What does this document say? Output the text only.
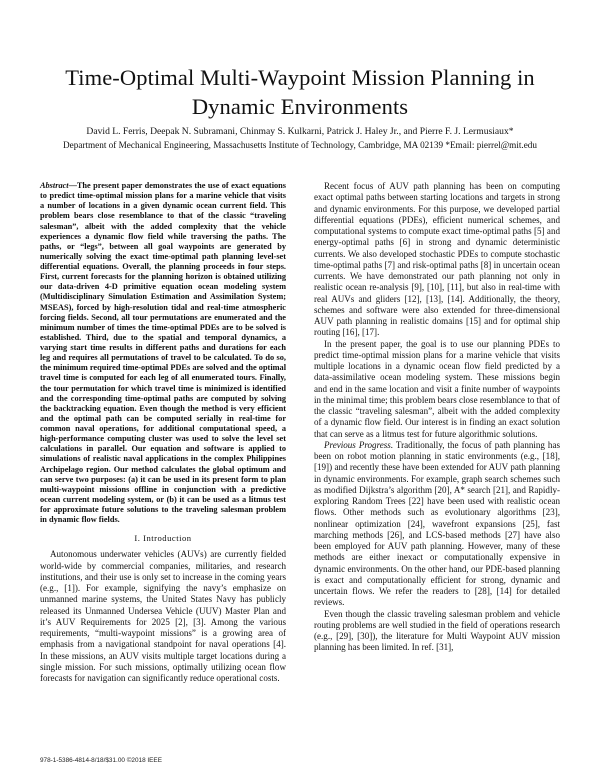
Time-Optimal Multi-Waypoint Mission Planning in Dynamic Environments
David L. Ferris, Deepak N. Subramani, Chinmay S. Kulkarni, Patrick J. Haley Jr., and Pierre F. J. Lermusiaux*
Department of Mechanical Engineering, Massachusetts Institute of Technology, Cambridge, MA 02139 *Email: pierrel@mit.edu

Abstract—The present paper demonstrates the use of exact equations to predict time-optimal mission plans for a marine vehicle that visits a number of locations in a given dynamic ocean current field. This problem bears close resemblance to that of the classic “traveling salesman”, albeit with the added complexity that the vehicle experiences a dynamic flow field while traversing the paths. The paths, or “legs”, between all goal waypoints are generated by numerically solving the exact time-optimal path planning level-set differential equations. Overall, the planning proceeds in four steps. First, current forecasts for the planning horizon is obtained utilizing our data-driven 4-D primitive equation ocean modeling system (Multidisciplinary Simulation Estimation and Assimilation System; MSEAS), forced by high-resolution tidal and real-time atmospheric forcing fields. Second, all tour permutations are enumerated and the minimum number of times the time-optimal PDEs are to be solved is established. Third, due to the spatial and temporal dynamics, a varying start time results in different paths and durations for each leg and requires all permutations of travel to be calculated. To do so, the minimum required time-optimal PDEs are solved and the optimal travel time is computed for each leg of all enumerated tours. Finally, the tour permutation for which travel time is minimized is identified and the corresponding time-optimal paths are computed by solving the backtracking equation. Even though the method is very efficient and the optimal path can be computed serially in real-time for common naval operations, for additional computational speed, a high-performance computing cluster was used to solve the level set calculations in parallel. Our equation and software is applied to simulations of realistic naval applications in the complex Philippines Archipelago region. Our method calculates the global optimum and can serve two purposes: (a) it can be used in its present form to plan multi-waypoint missions offline in conjunction with a predictive ocean current modeling system, or (b) it can be used as a litmus test for approximate future solutions to the traveling salesman problem in dynamic flow fields.

I. Introduction

Autonomous underwater vehicles (AUVs) are currently fielded world-wide by commercial companies, militaries, and research institutions, and their use is only set to increase in the coming years (e.g., [1]). For example, signifying the navy’s emphasize on unmanned marine systems, the United States Navy has publicly released its Unmanned Undersea Vehicle (UUV) Master Plan and it’s AUV Requirements for 2025 [2], [3]. Among the various requirements, “multi-waypoint missions” is a growing area of emphasis from a navigational standpoint for naval operations [4]. In these missions, an AUV visits multiple target locations during a single mission. For such missions, optimally utilizing ocean flow forecasts for navigation can significantly reduce operational costs.

Recent focus of AUV path planning has been on computing exact optimal paths between starting locations and targets in strong and dynamic environments. For this purpose, we developed partial differential equations (PDEs), efficient numerical schemes, and computational systems to compute exact time-optimal paths [5] and energy-optimal paths [6] in strong and dynamic deterministic currents. We also developed stochastic PDEs to compute stochastic time-optimal paths [7] and risk-optimal paths [8] in uncertain ocean currents. We have demonstrated our path planning not only in realistic ocean re-analysis [9], [10], [11], but also in real-time with real AUVs and gliders [12], [13], [14]. Additionally, the theory, schemes and software were also extended for three-dimensional AUV path planning in realistic domains [15] and for optimal ship routing [16], [17].

In the present paper, the goal is to use our planning PDEs to predict time-optimal mission plans for a marine vehicle that visits multiple locations in a dynamic ocean flow field predicted by a data-assimilative ocean modeling system. These missions begin and end in the same location and visit a finite number of waypoints in the minimal time; this problem bears close resemblance to that of the classic “traveling salesman”, albeit with the added complexity of a dynamic flow field. Our interest is in finding an exact solution that can serve as a litmus test for future algorithmic solutions.

Previous Progress. Traditionally, the focus of path planning has been on robot motion planning in static environments (e.g., [18], [19]) and recently these have been extended for AUV path planning in dynamic environments. For example, graph search schemes such as modified Dijkstra’s algorithm [20], A* search [21], and Rapidly-exploring Random Trees [22] have been used with realistic ocean flows. Other methods such as evolutionary algorithms [23], nonlinear optimization [24], wavefront expansions [25], fast marching methods [26], and LCS-based methods [27] have also been employed for AUV path planning. However, many of these methods are either inexact or computationally expensive in dynamic environments. On the other hand, our PDE-based planning is exact and computationally efficient for strong, dynamic and uncertain flows. We refer the readers to [28], [14] for detailed reviews.

Even though the classic traveling salesman problem and vehicle routing problems are well studied in the field of operations research (e.g., [29], [30]), the literature for Multi Waypoint AUV mission planning has been limited. In ref. [31],

978-1-5386-4814-8/18/$31.00 ©2018 IEEE
